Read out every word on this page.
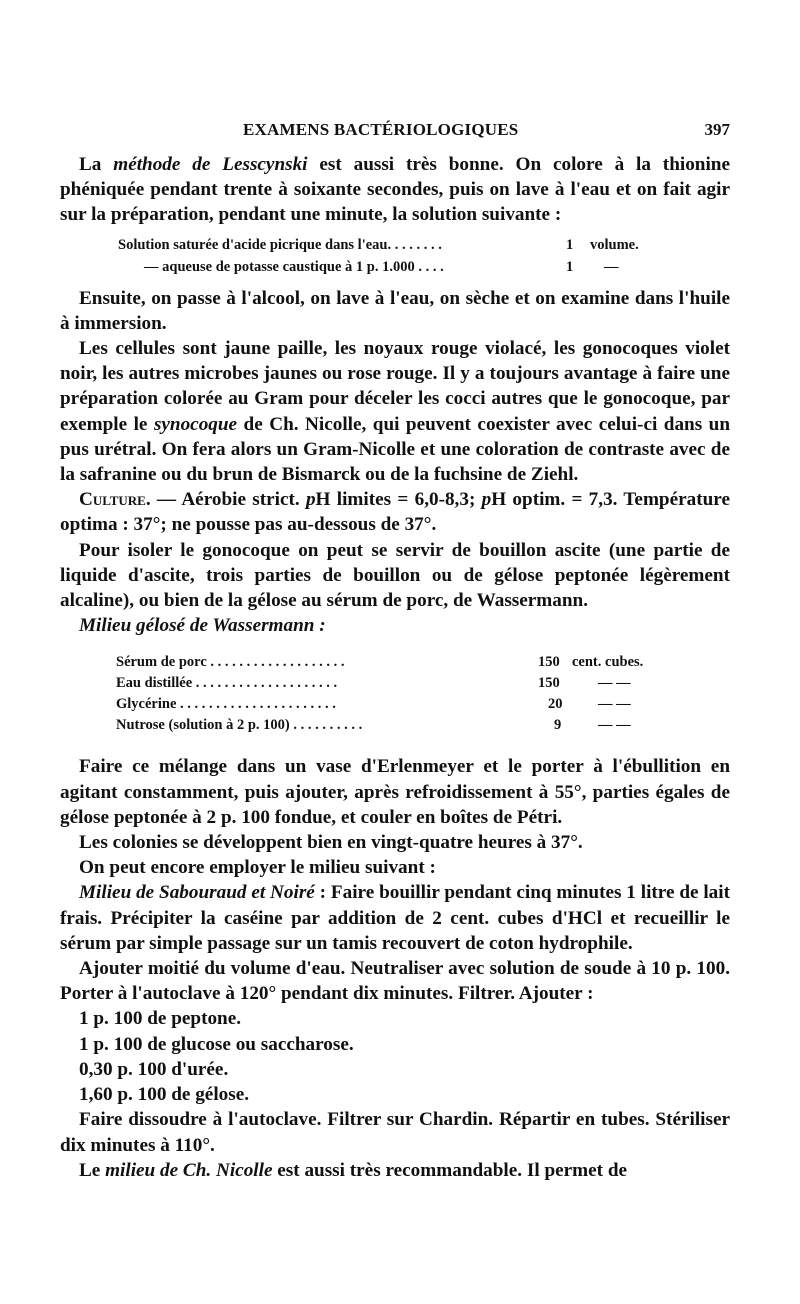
EXAMENS BACTÉRIOLOGIQUES	397

La méthode de Lesscynski est aussi très bonne. On colore à la thionine phéniquée pendant trente à soixante secondes, puis on lave à l'eau et on fait agir sur la préparation, pendant une minute, la solution suivante :

Solution saturée d'acide picrique dans l'eau. . . . . . . .	1 volume.
— aqueuse de potasse caustique à 1 p. 1.000 . . . .	1 —

Ensuite, on passe à l'alcool, on lave à l'eau, on sèche et on examine dans l'huile à immersion.

Les cellules sont jaune paille, les noyaux rouge violacé, les gonocoques violet noir, les autres microbes jaunes ou rose rouge. Il y a toujours avantage à faire une préparation colorée au Gram pour déceler les cocci autres que le gonocoque, par exemple le synocoque de Ch. Nicolle, qui peuvent coexister avec celui-ci dans un pus urétral. On fera alors un Gram-Nicolle et une coloration de contraste avec de la safranine ou du brun de Bismarck ou de la fuchsine de Ziehl.

Culture. — Aérobie strict. pH limites = 6,0-8,3; pH optim. = 7,3. Température optima : 37°; ne pousse pas au-dessous de 37°.

Pour isoler le gonocoque on peut se servir de bouillon ascite (une partie de liquide d'ascite, trois parties de bouillon ou de gélose peptonée légèrement alcaline), ou bien de la gélose au sérum de porc, de Wassermann.

Milieu gélosé de Wassermann :

Sérum de porc . . . . . . . . . . . . . . . . . . .	150 cent. cubes.
Eau distillée . . . . . . . . . . . . . . . . . . . .	150	— —
Glycérine . . . . . . . . . . . . . . . . . . . . . .	20 — —
Nutrose (solution à 2 p. 100) . . . . . . . . . .	9	— —

Faire ce mélange dans un vase d'Erlenmeyer et le porter à l'ébullition en agitant constamment, puis ajouter, après refroidissement à 55°, parties égales de gélose peptonée à 2 p. 100 fondue, et couler en boîtes de Pétri.

Les colonies se développent bien en vingt-quatre heures à 37°.

On peut encore employer le milieu suivant :

Milieu de Sabouraud et Noiré : Faire bouillir pendant cinq minutes 1 litre de lait frais. Précipiter la caséine par addition de 2 cent. cubes d'HCl et recueillir le sérum par simple passage sur un tamis recouvert de coton hydrophile.

Ajouter moitié du volume d'eau. Neutraliser avec solution de soude à 10 p. 100. Porter à l'autoclave à 120° pendant dix minutes. Filtrer. Ajouter :

1 p. 100 de peptone.

1 p. 100 de glucose ou saccharose.

0,30 p. 100 d'urée.

1,60 p. 100 de gélose.

Faire dissoudre à l'autoclave. Filtrer sur Chardin. Répartir en tubes. Stériliser dix minutes à 110°.

Le milieu de Ch. Nicolle est aussi très recommandable. Il permet de
